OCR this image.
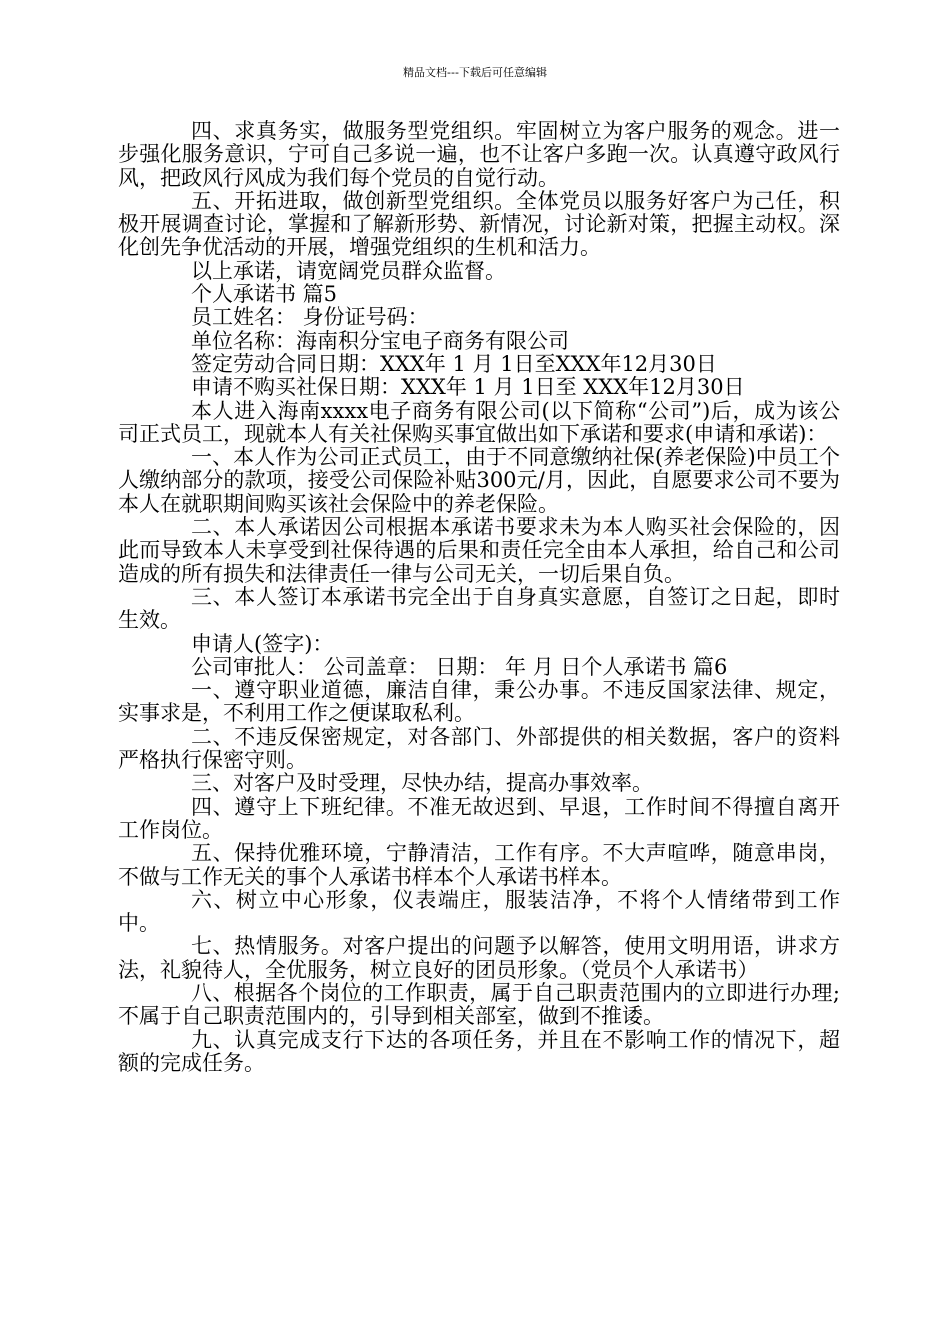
精品文档---下载后可任意编辑

四、求真务实，做服务型党组织。牢固树立为客户服务的观念。进一步强化服务意识，宁可自己多说一遍，也不让客户多跑一次。认真遵守政风行风，把政风行风成为我们每个党员的自觉行动。

五、开拓进取，做创新型党组织。全体党员以服务好客户为己任，积极开展调查讨论，掌握和了解新形势、新情况，讨论新对策，把握主动权。深化创先争优活动的开展，增强党组织的生机和活力。

以上承诺，请宽阔党员群众监督。

个人承诺书 篇5

员工姓名： 身份证号码：

单位名称：海南积分宝电子商务有限公司

签定劳动合同日期：XXX年 1 月 1日至XXX年12月30日

申请不购买社保日期：XXX年 1 月 1日至 XXX年12月30日

本人进入海南xxxx电子商务有限公司(以下简称“公司”)后，成为该公司正式员工，现就本人有关社保购买事宜做出如下承诺和要求(申请和承诺)：

一、本人作为公司正式员工，由于不同意缴纳社保(养老保险)中员工个人缴纳部分的款项，接受公司保险补贴300元/月，因此，自愿要求公司不要为本人在就职期间购买该社会保险中的养老保险。

二、本人承诺因公司根据本承诺书要求未为本人购买社会保险的，因此而导致本人未享受到社保待遇的后果和责任完全由本人承担，给自己和公司造成的所有损失和法律责任一律与公司无关，一切后果自负。

三、本人签订本承诺书完全出于自身真实意愿，自签订之日起，即时生效。

申请人(签字)：

公司审批人： 公司盖章： 日期： 年 月 日个人承诺书 篇6

一、遵守职业道德，廉洁自律，秉公办事。不违反国家法律、规定，实事求是，不利用工作之便谋取私利。

二、不违反保密规定，对各部门、外部提供的相关数据，客户的资料严格执行保密守则。

三、对客户及时受理，尽快办结，提高办事效率。

四、遵守上下班纪律。不准无故迟到、早退，工作时间不得擅自离开工作岗位。

五、保持优雅环境，宁静清洁，工作有序。不大声喧哗，随意串岗，不做与工作无关的事个人承诺书样本个人承诺书样本。

六、树立中心形象，仪表端庄，服装洁净，不将个人情绪带到工作中。

七、热情服务。对客户提出的问题予以解答，使用文明用语，讲求方法，礼貌待人，全优服务，树立良好的团员形象。（党员个人承诺书）

八、根据各个岗位的工作职责，属于自己职责范围内的立即进行办理;不属于自己职责范围内的，引导到相关部室，做到不推诿。

九、认真完成支行下达的各项任务，并且在不影响工作的情况下，超额的完成任务。
